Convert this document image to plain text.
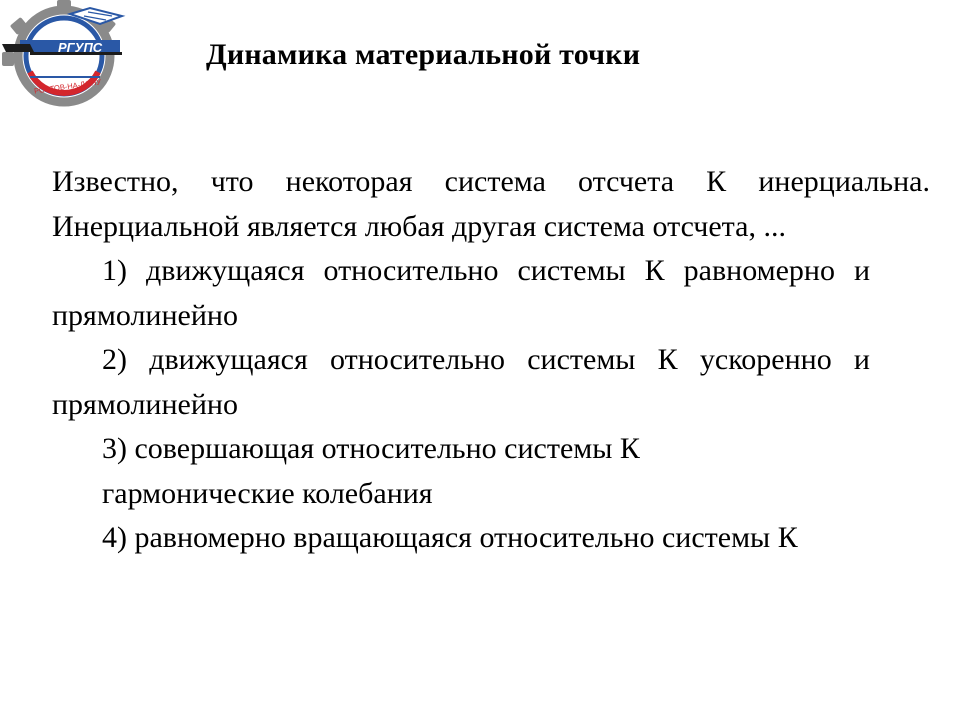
РГУПС
РОСТОВ-НА-ДОНУ
Динамика материальной точки

Известно, что некоторая система отсчета К инерциальна. Инерциальной является любая другая система отсчета, ...

1) движущаяся относительно системы К равномерно и прямолинейно

2) движущаяся относительно системы К ускоренно и прямолинейно

3) совершающая относительно системы К

гармонические колебания

4) равномерно вращающаяся относительно системы К
